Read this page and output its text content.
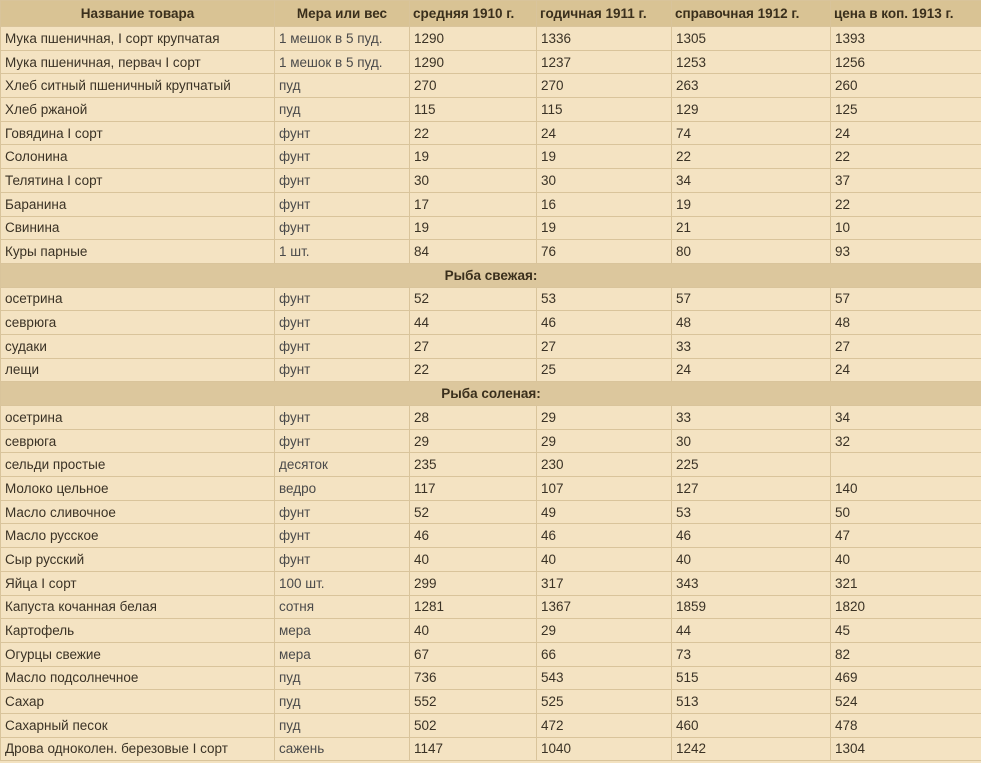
Название товара	Мера или вес	средняя 1910 г.	годичная 1911 г.	справочная 1912 г.	цена в коп. 1913 г.
Мука пшеничная, I сорт крупчатая	1 мешок в 5 пуд.	1290	1336	1305	1393
Мука пшеничная, первач I сорт	1 мешок в 5 пуд.	1290	1237	1253	1256
Хлеб ситный пшеничный крупчатый	пуд	270	270	263	260
Хлеб ржаной	пуд	115	115	129	125
Говядина I сорт	фунт	22	24	74	24
Солонина	фунт	19	19	22	22
Телятина I сорт	фунт	30	30	34	37
Баранина	фунт	17	16	19	22
Свинина	фунт	19	19	21	10
Куры парные	1 шт.	84	76	80	93
Рыба свежая:					
осетрина	фунт	52	53	57	57
севрюга	фунт	44	46	48	48
судаки	фунт	27	27	33	27
лещи	фунт	22	25	24	24
Рыба соленая:					
осетрина	фунт	28	29	33	34
севрюга	фунт	29	29	30	32
сельди простые	десяток	235	230	225	
Молоко цельное	ведро	117	107	127	140
Масло сливочное	фунт	52	49	53	50
Масло русское	фунт	46	46	46	47
Сыр русский	фунт	40	40	40	40
Яйца I сорт	100 шт.	299	317	343	321
Капуста кочанная белая	сотня	1281	1367	1859	1820
Картофель	мера	40	29	44	45
Огурцы свежие	мера	67	66	73	82
Масло подсолнечное	пуд	736	543	515	469
Сахар	пуд	552	525	513	524
Сахарный песок	пуд	502	472	460	478
Дрова одноколен. березовые I сорт	сажень	1147	1040	1242	1304
